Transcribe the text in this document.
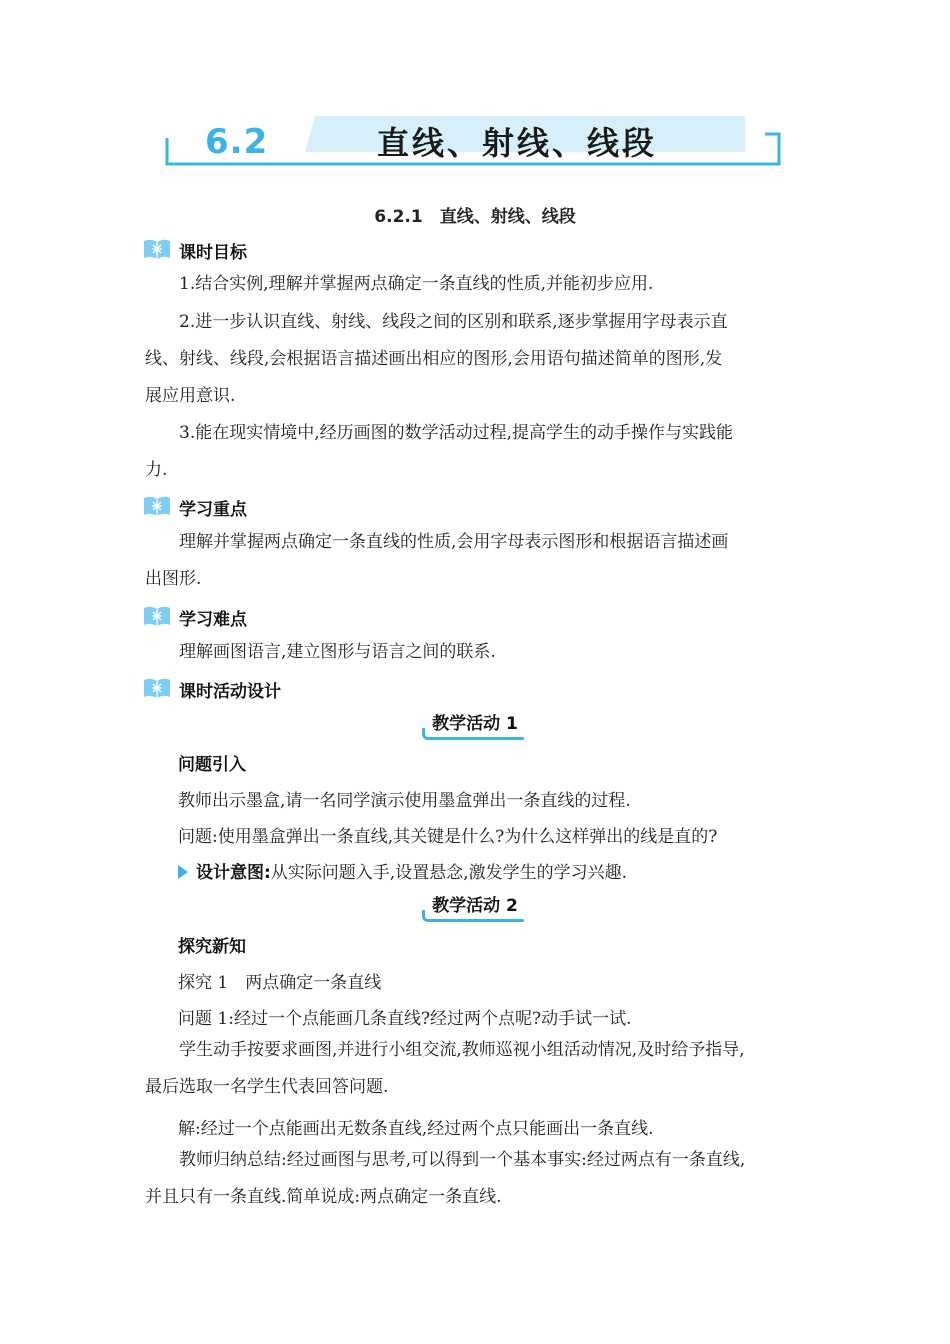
6.2	直线、射线、线段
6.2.1　直线、射线、线段
课时目标

1.结合实例,理解并掌握两点确定一条直线的性质,并能初步应用.

2.进一步认识直线、射线、线段之间的区别和联系,逐步掌握用字母表示直
线、射线、线段,会根据语言描述画出相应的图形,会用语句描述简单的图形,发
展应用意识.

3.能在现实情境中,经历画图的数学活动过程,提高学生的动手操作与实践能
力.

学习重点

理解并掌握两点确定一条直线的性质,会用字母表示图形和根据语言描述画
出图形.

学习难点

理解画图语言,建立图形与语言之间的联系.

课时活动设计
教学活动 1
问题引入
教师出示墨盒,请一名同学演示使用墨盒弹出一条直线的过程.
问题:使用墨盒弹出一条直线,其关键是什么?为什么这样弹出的线是直的?
设计意图:从实际问题入手,设置悬念,激发学生的学习兴趣.
教学活动 2
探究新知
探究 1　两点确定一条直线
问题 1:经过一个点能画几条直线?经过两个点呢?动手试一试.

学生动手按要求画图,并进行小组交流,教师巡视小组活动情况,及时给予指导,
最后选取一名学生代表回答问题.

解:经过一个点能画出无数条直线,经过两个点只能画出一条直线.

教师归纳总结:经过画图与思考,可以得到一个基本事实:经过两点有一条直线,
并且只有一条直线.简单说成:两点确定一条直线.
